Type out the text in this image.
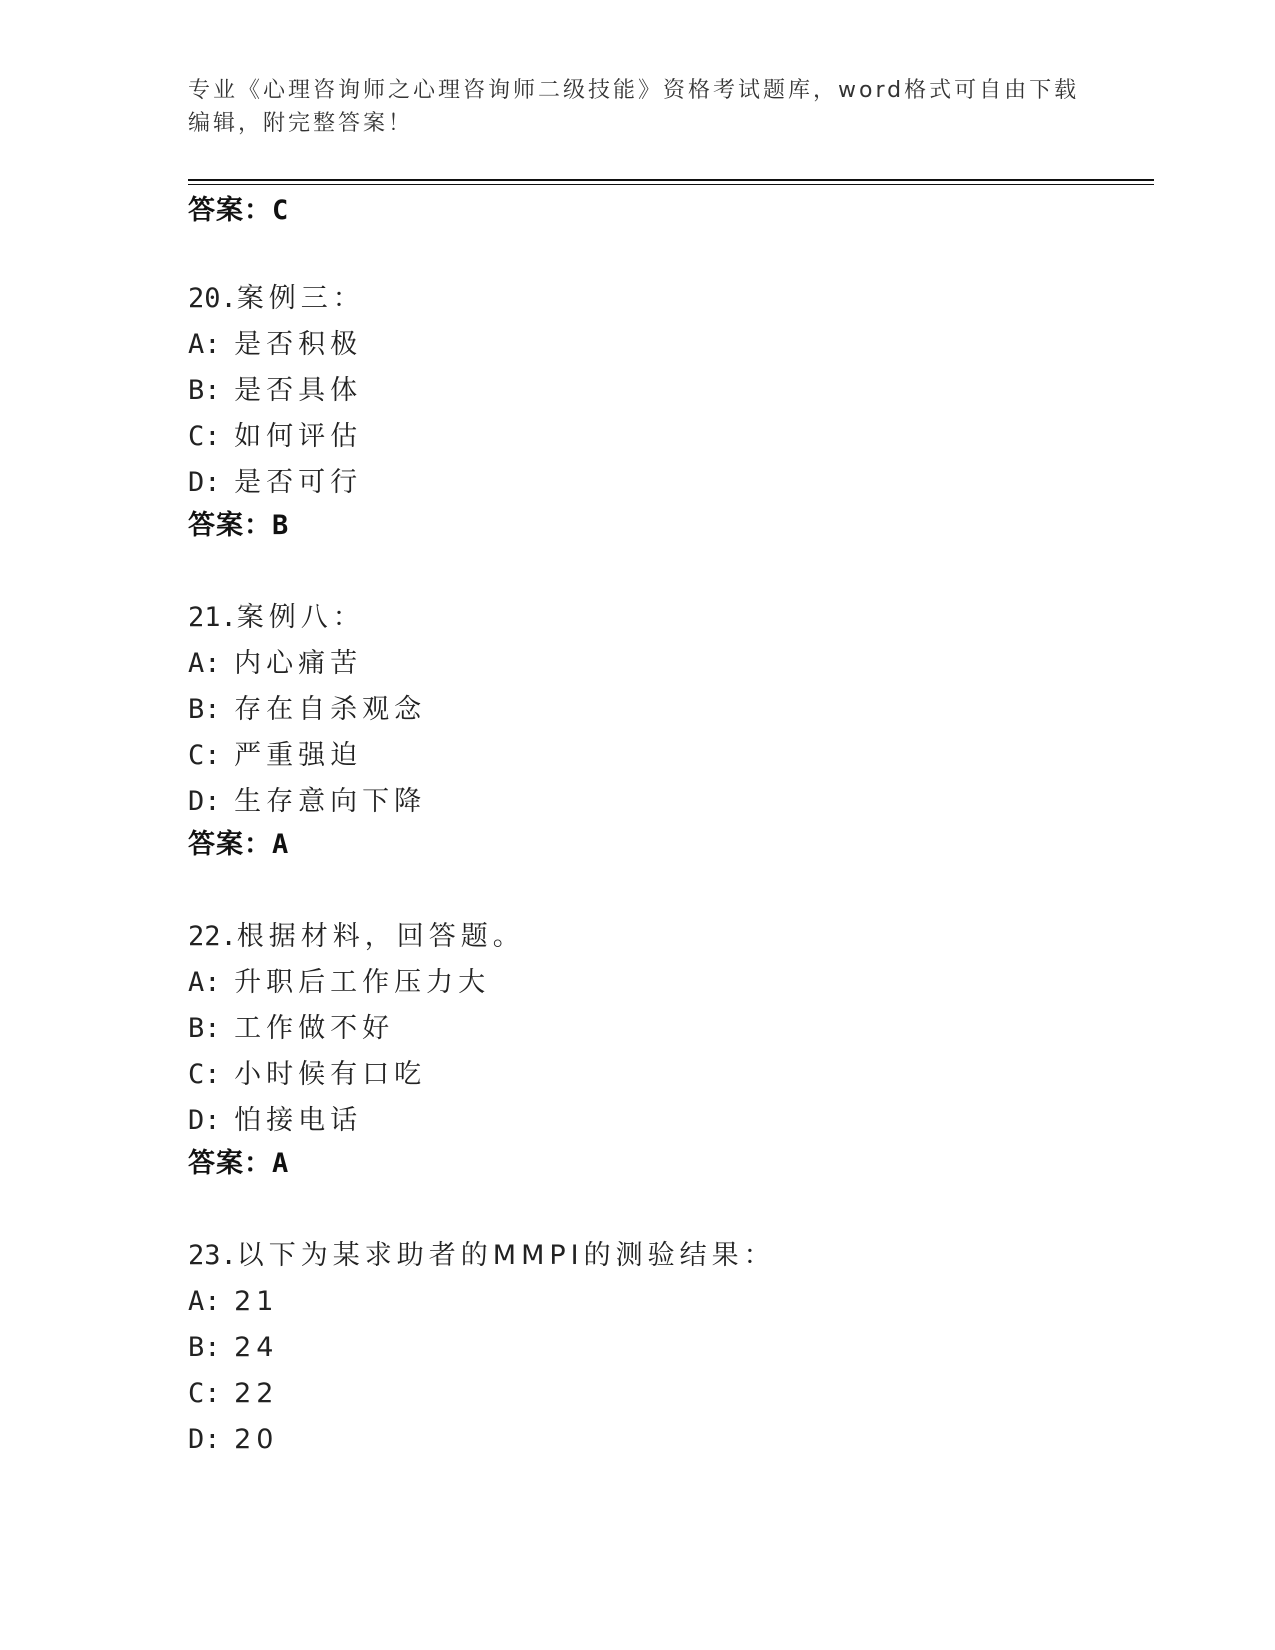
专业《心理咨询师之心理咨询师二级技能》资格考试题库，word格式可自由下载
编辑，附完整答案！
答案：C
20.案例三：
A: 是否积极
B: 是否具体
C: 如何评估
D: 是否可行
答案：B
21.案例八：
A: 内心痛苦
B: 存在自杀观念
C: 严重强迫
D: 生存意向下降
答案：A
22.根据材料，回答题。
A: 升职后工作压力大
B: 工作做不好
C: 小时候有口吃
D: 怕接电话
答案：A
23.以下为某求助者的MMPI的测验结果：
A: 21
B: 24
C: 22
D: 20
